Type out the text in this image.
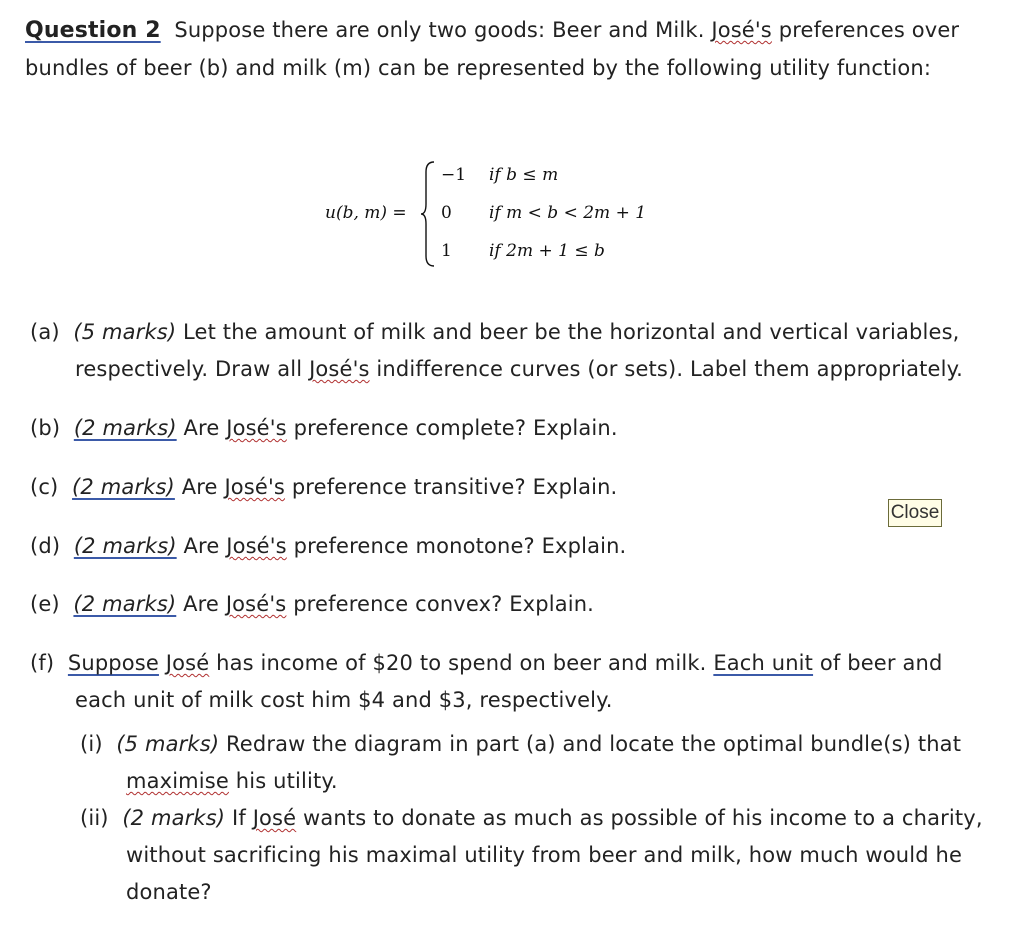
Question 2 Suppose there are only two goods: Beer and Milk. José's preferences over
bundles of beer (b) and milk (m) can be represented by the following utility function:
u(b, m) =
−1 if b ≤ m
0 if m < b < 2m + 1
1 if 2m + 1 ≤ b
(a) (5 marks) Let the amount of milk and beer be the horizontal and vertical variables,
respectively. Draw all José's indifference curves (or sets). Label them appropriately.
(b) (2 marks) Are José's preference complete? Explain.
(c) (2 marks) Are José's preference transitive? Explain.
(d) (2 marks) Are José's preference monotone? Explain.
(e) (2 marks) Are José's preference convex? Explain.
(f) Suppose José has income of $20 to spend on beer and milk. Each unit of beer and
each unit of milk cost him $4 and $3, respectively.
(i) (5 marks) Redraw the diagram in part (a) and locate the optimal bundle(s) that
maximise his utility.
(ii) (2 marks) If José wants to donate as much as possible of his income to a charity,
without sacrificing his maximal utility from beer and milk, how much would he
donate?
Close
